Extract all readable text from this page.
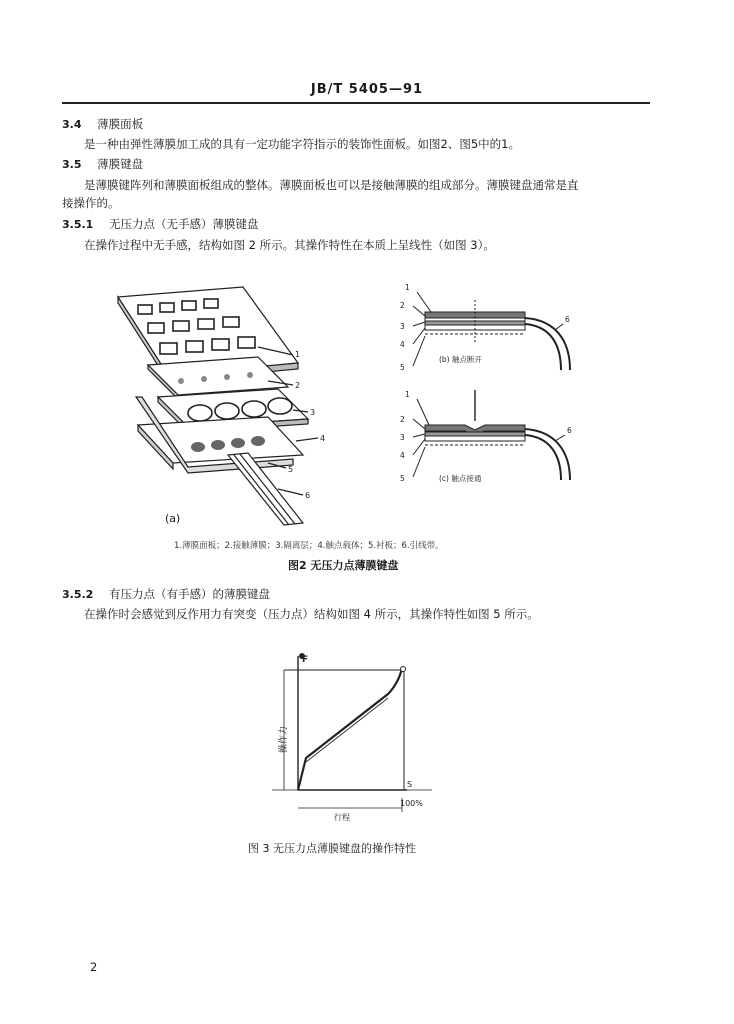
JB/T 5405—91
3.4 薄膜面板
是一种由弹性薄膜加工成的具有一定功能字符指示的装饰性面板。如图2、图5中的1。
3.5 薄膜键盘
是薄膜键阵列和薄膜面板组成的整体。薄膜面板也可以是接触薄膜的组成部分。薄膜键盘通常是直
接操作的。
3.5.1 无压力点（无手感）薄膜键盘
在操作过程中无手感，结构如图 2 所示。其操作特性在本质上呈线性（如图 3）。
1
2
3
4
5
6
(a)
1
2
3
4
5
6
(b) 触点断开
1
2
3
4
5
6
(c) 触点接通
1.薄膜面板；2.接触薄膜；3.隔离层；4.触点载体；5.衬板；6.引线带。
图2 无压力点薄膜键盘
3.5.2 有压力点（有手感）的薄膜键盘
在操作时会感觉到反作用力有突变（压力点）结构如图 4 所示，其操作特性如图 5 所示。
F
操作力
行程
S
100%
图 3 无压力点薄膜键盘的操作特性
2
